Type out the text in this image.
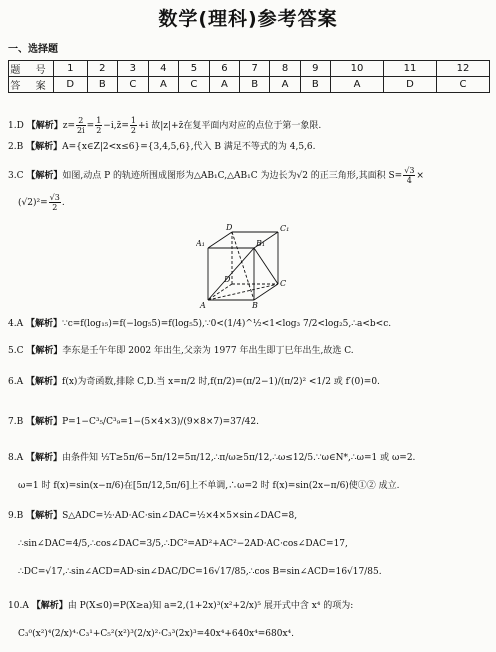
数学(理科)参考答案
一、选择题
题 号	1	2	3	4	5	6	7	8	9	10	11	12
答 案	D	B	C	A	C	A	B	A	B	A	D	C
1.D 【解析】$z= \frac{2}{2i} = \frac{1}{2}$ −i,z̄= $\frac{1}{2} +i$ 故|z|+z̄在复平面内对应的点位于第一象限.
2.B 【解析】A={x∈Z|2<x≤6}={3,4,5,6},代入 B 满足不等式的为 4,5,6.
3.C 【解析】如图,动点 P 的轨迹所围成图形为△AB₁C,△AB₁C 为边长为√2 的正三角形,其面积 $S= \frac{√3}{4}$ ×
$(√2)^2= \frac{√3}{2}$ .
D	C₁
A₁	B₁
D	C
A	B
4.A 【解析】∵c=f(log₁₅)=f(−log₅5)=f(log₅5),∵0<(1/4)^½<1<log₃ 7/2<log₂5,∴a<b<c.
5.C 【解析】李东是壬午年即 2002 年出生,父亲为 1977 年出生即丁巳年出生,故选 C.
6.A 【解析】f(x)为奇函数,排除 C,D.当 x=π/2 时,f(π/2)=(π/2−1)/(π/2)² <1/2 或 f′(0)=0.
7.B 【解析】P=1−C³₅/C³₉=1−(5×4×3)/(9×8×7)=37/42.
8.A 【解析】由条件知 ½T≥5π/6−5π/12=5π/12,∴π/ω≥5π/12,∴ω≤12/5.∵ω∈N*,∴ω=1 或 ω=2.
ω=1 时 f(x)=sin(x−π/6)在[5π/12,5π/6]上不单调,∴ω=2 时 f(x)=sin(2x−π/6)使①② 成立.
9.B 【解析】S△ADC=½·AD·AC·sin∠DAC=½×4×5×sin∠DAC=8,
∴sin∠DAC=4/5,∴cos∠DAC=3/5,∴DC²=AD²+AC²−2AD·AC·cos∠DAC=17,
∴DC=√17,∴sin∠ACD=AD·sin∠DAC/DC=16√17/85,∴cos B=sin∠ACD=16√17/85.
10.A 【解析】由 P(X≤0)=P(X≥a)知 a=2,(1+2x)³(x²+2/x)⁵ 展开式中含 x⁴ 的项为:
C₃⁰(x²)⁴(2/x)⁴·C₃¹+C₅²(x²)³(2/x)²·C₃³(2x)³=40x⁴+640x⁴=680x⁴.
